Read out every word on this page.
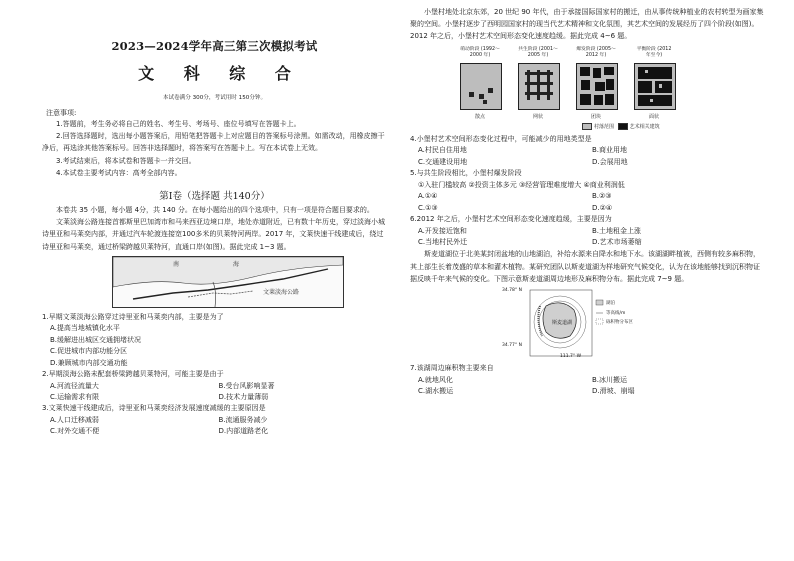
2023—2024学年高三第三次模拟考试
文 科 综 合
本试卷满分 300分，考试用时 150分钟。
注意事项:
1.答题前，考生务必将自己的姓名、考生号、考场号、座位号填写在答题卡上。
2.回答选择题时，选出每小题答案后，用铅笔把答题卡上对应题目的答案标号涂黑。如需改动，用橡皮擦干净后，再选涂其他答案标号。回答非选择题时，将答案写在答题卡上。写在本试卷上无效。
3.考试结束后，将本试卷和答题卡一并交回。
4.本试卷主要考试内容：高考全部内容。
第Ⅰ卷（选择题 共140分）
本卷共 35 小题，每小题 4分，共 140 分。在每小题给出的四个选项中，只有一项是符合题目要求的。
文莱淡海公路连接首都斯里巴加湾市和马来西亚边境口岸，地处赤道附近，已有数十年历史，穿过淡海小城诗里亚和马莱奕内部，并通过汽车轮渡连接宽100多米的贝莱特河两岸。2017 年，文莱快速干线建成后，绕过诗里亚和马莱奕，通过桥梁跨越贝莱特河，直通口岸(如图)。据此完成 1~3 题。
南	海
文莱淡海公路
1.早期文莱淡海公路穿过诗里亚和马莱奕内部，主要是为了
A.提高当地城镇化水平
B.缓解进出城区交通拥堵状况
C.促进城市内部功能分区
D.兼顾城市内部交通功能
2.早期淡海公路未配套桥梁跨越贝莱特河，可能主要是由于
A.河流径流量大	B.受台风影响显著
C.运输需求有限	D.技术力量薄弱
3.文莱快速干线建成后，诗里亚和马莱奕经济发展速度减缓的主要原因是
A.人口迁移减弱	B.流通服务减少
C.对外交通不便	D.内部道路老化
小堡村地处北京东郊，20 世纪 90 年代，由于承接国际国家村的搬迁，由从事传统种植业的农村转型为画家集聚的空间。小堡村逐步了西明园国家村的现当代艺术精神和文化氛围，其艺术空间的发展经历了四个阶段(如图)。2012 年之后，小堡村艺术空间形态变化速度趋缓。据此完成 4~6 题。
萌动阶段 (1992～2000 年)
散点
共生阶段 (2001～2005 年)
网状
爆发阶段 (2005～2012 年)
团块
平衡阶段 (2012 年至今)
面状
村落范围	艺术相关建筑
4.小堡村艺术空间形态变化过程中，可能减少的用地类型是
A.村民自住用地	B.商业用地
C.交通建设用地	D.会展用地
5.与共生阶段相比，小堡村爆发阶段
①入驻门槛较高 ②投资主体多元 ③经营管理难度增大 ④商业利润低
A.①④	B.②③
C.①③	D.②④
6.2012 年之后，小堡村艺术空间形态变化速度趋缓，主要是因为
A.开发接近饱和	B.土地租金上涨
C.当地村民外迁	D.艺术市场萎缩
斯麦道湖位于北美某封闭盆地的山地湖泊，补给水源来自降水和地下水。该湖湖畔植被，西侧有较多麻积物，其上部生长着茂盛的草本和灌木植物。某研究团队以斯麦道湖为样地研究气候变化，认为在该地能够找到沉积物证据反映千年来气候的变化。下图示意斯麦道湖周边地形及麻积物分布。据此完成 7~9 题。
34.78° N
34.77° N
111.7° W
斯麦道湖
湖泊
等高线/m
砾积物分布区
7.该湖周边麻积物主要来自
A.就地风化	B.冰川搬运
C.湖水搬运	D.滑坡、崩塌
